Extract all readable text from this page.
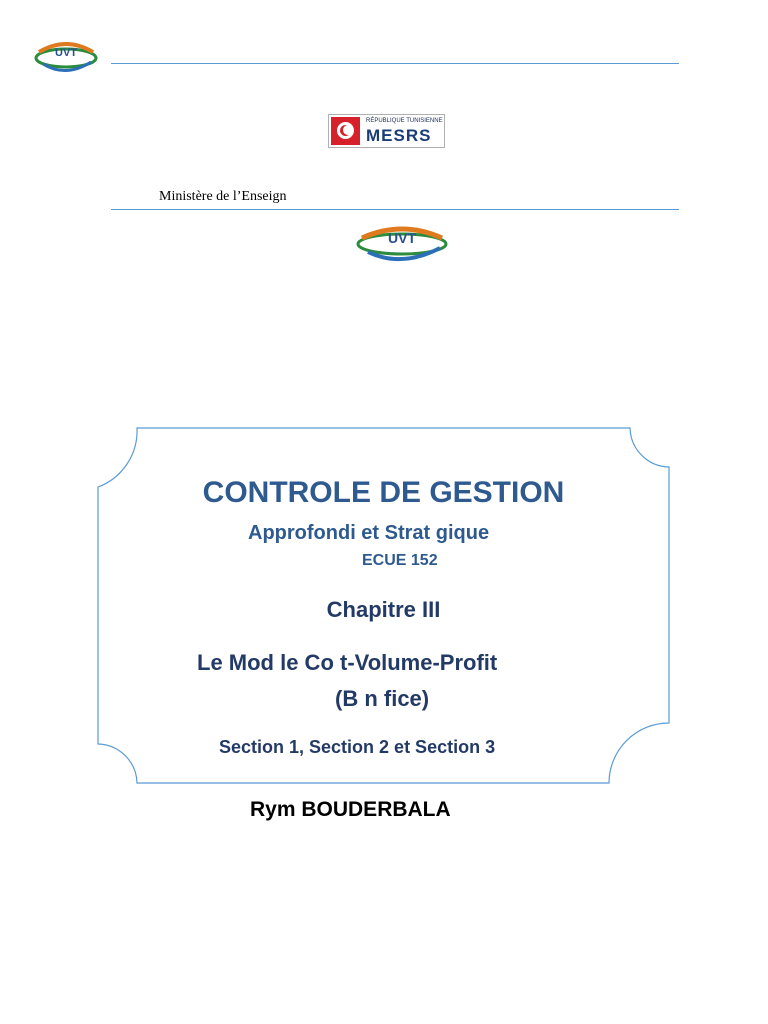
UVT
RÉPUBLIQUE TUNISIENNE
MESRS
Ministère de l’Enseign
UVT
CONTROLE DE GESTION
Approfondi et Strat gique
ECUE 152
Chapitre III
Le Mod le Co t-Volume-Profit
(B n fice)
Section 1, Section 2 et Section 3
Rym BOUDERBALA
